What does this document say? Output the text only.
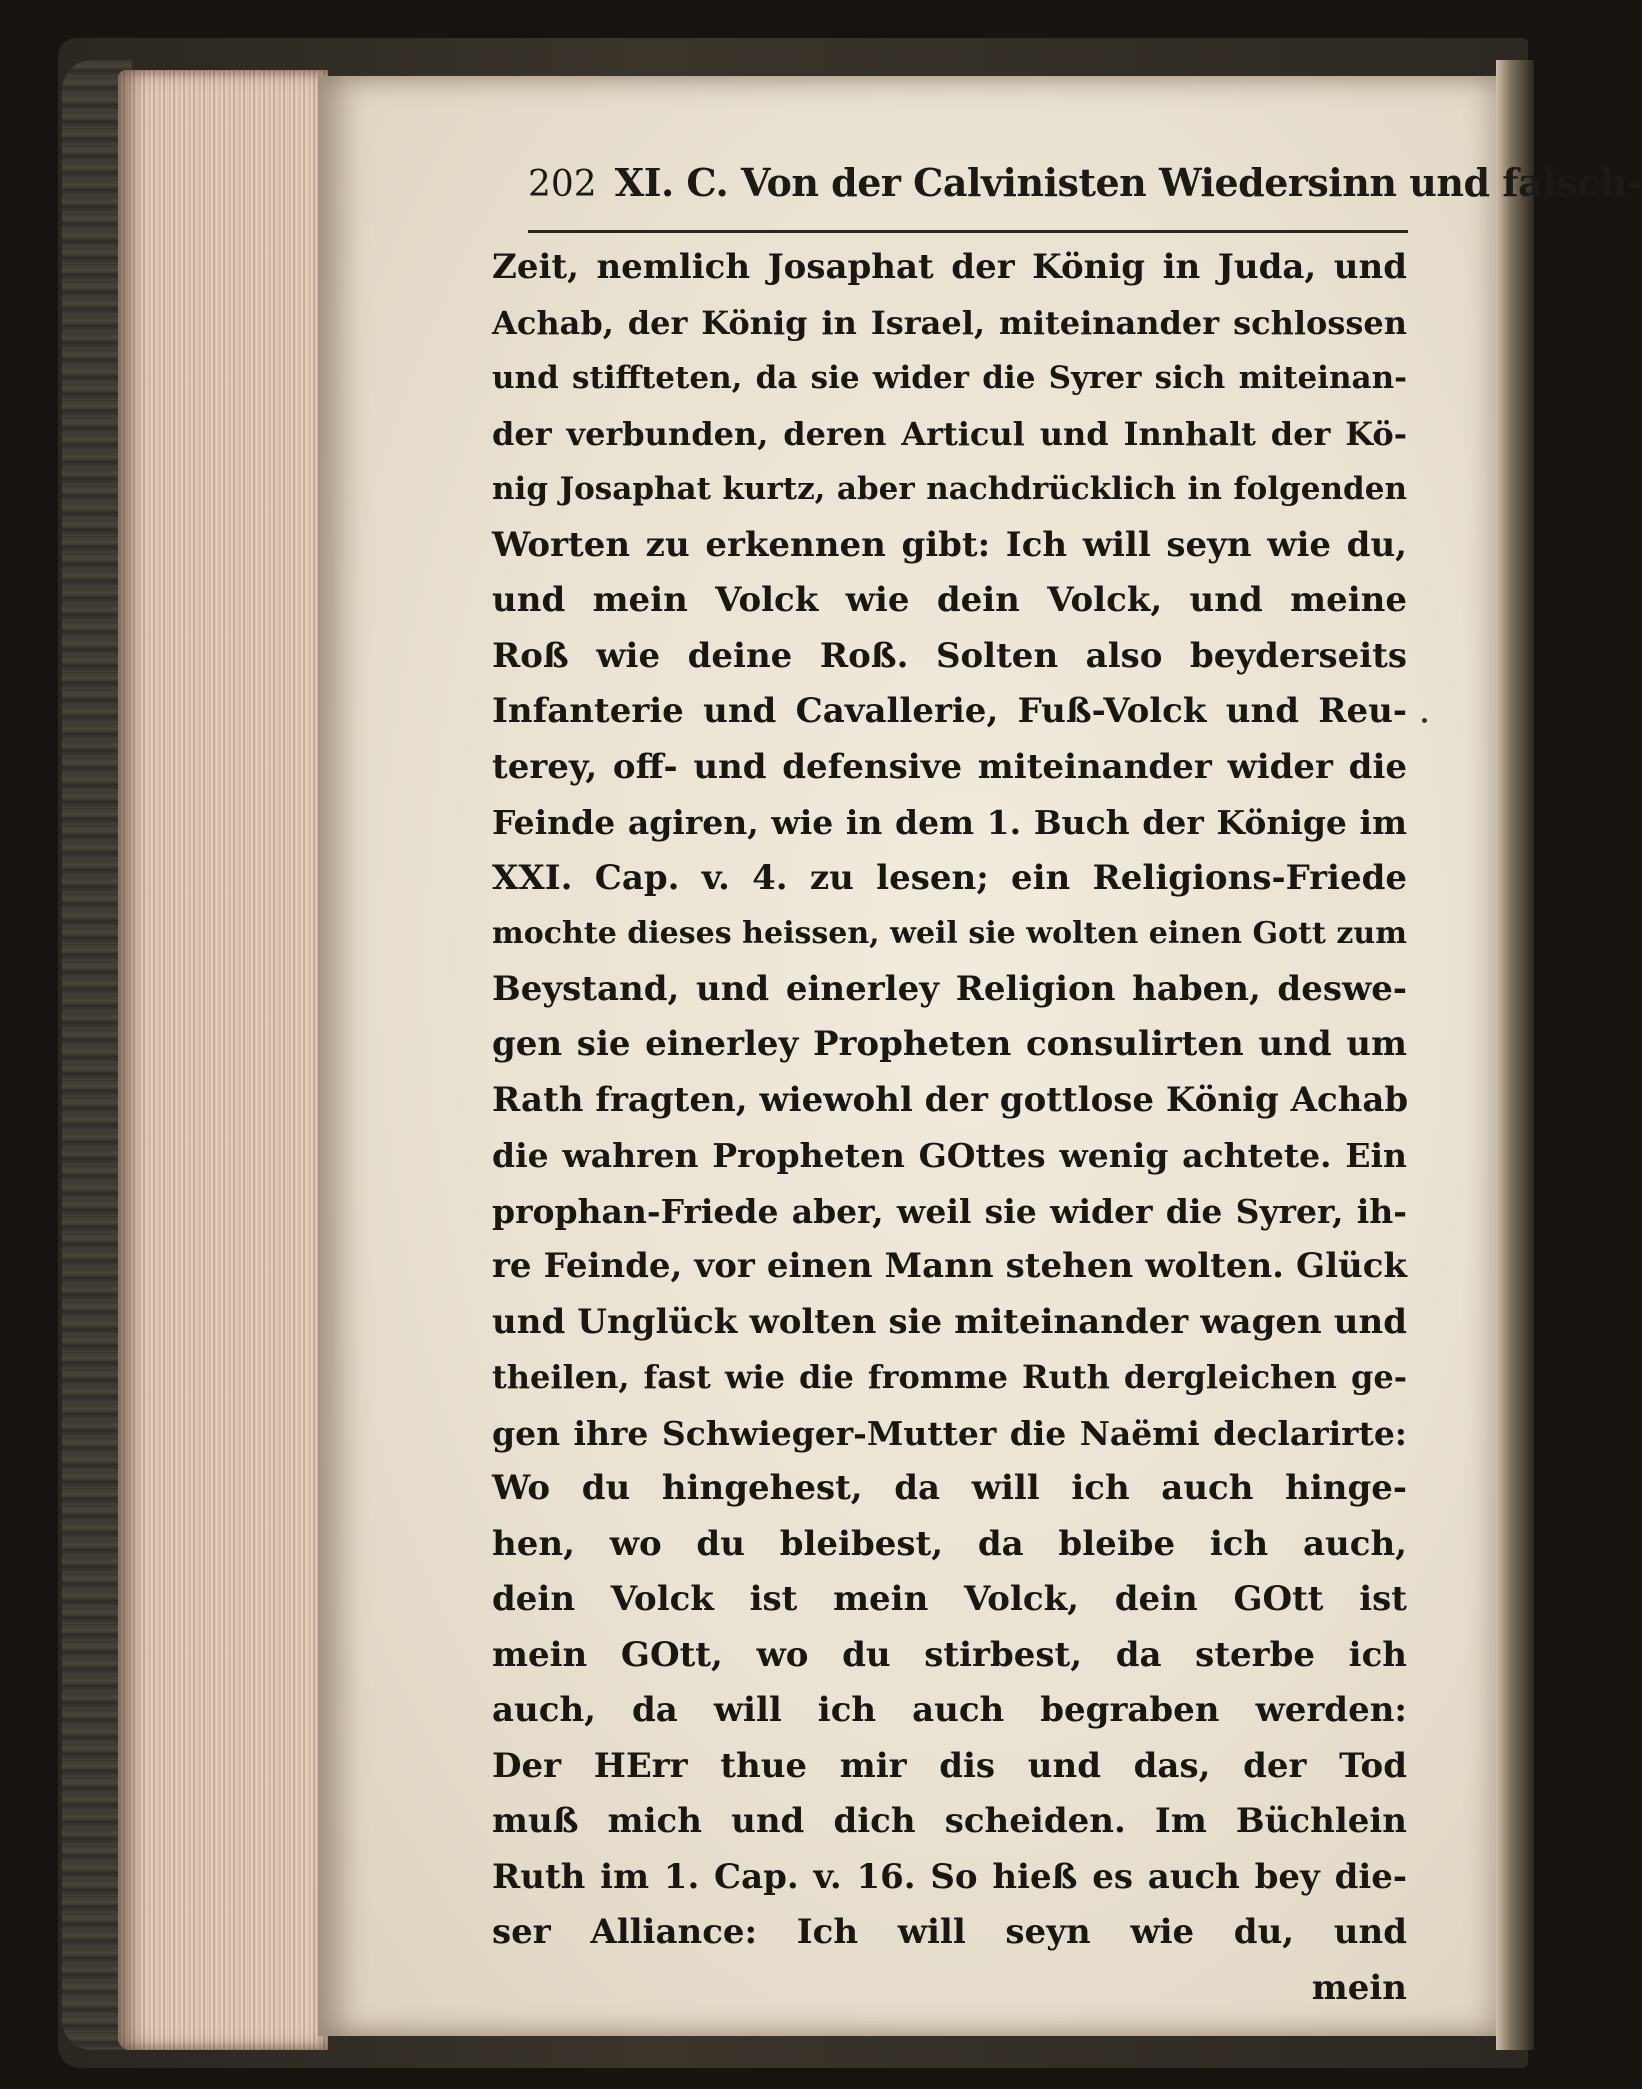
202 XI. C. Von der Calvinisten Wiedersinn und falsch-
Zeit, nemlich Josaphat der König in Juda, und
Achab, der König in Israel, miteinander schlossen
und stiffteten, da sie wider die Syrer sich miteinan-
der verbunden, deren Articul und Innhalt der Kö-
nig Josaphat kurtz, aber nachdrücklich in folgenden
Worten zu erkennen gibt: Ich will seyn wie du,
und mein Volck wie dein Volck, und meine
Roß wie deine Roß. Solten also beyderseits
Infanterie und Cavallerie, Fuß-Volck und Reu-
terey, off- und defensive miteinander wider die
Feinde agiren, wie in dem 1. Buch der Könige im
XXI. Cap. v. 4. zu lesen; ein Religions-Friede
mochte dieses heissen, weil sie wolten einen Gott zum
Beystand, und einerley Religion haben, deswe-
gen sie einerley Propheten consulirten und um
Rath fragten, wiewohl der gottlose König Achab
die wahren Propheten GOttes wenig achtete. Ein
prophan-Friede aber, weil sie wider die Syrer, ih-
re Feinde, vor einen Mann stehen wolten. Glück
und Unglück wolten sie miteinander wagen und
theilen, fast wie die fromme Ruth dergleichen ge-
gen ihre Schwieger-Mutter die Naëmi declarirte:
Wo du hingehest, da will ich auch hinge-
hen, wo du bleibest, da bleibe ich auch,
dein Volck ist mein Volck, dein GOtt ist
mein GOtt, wo du stirbest, da sterbe ich
auch, da will ich auch begraben werden:
Der HErr thue mir dis und das, der Tod
muß mich und dich scheiden. Im Büchlein
Ruth im 1. Cap. v. 16. So hieß es auch bey die-
ser Alliance: Ich will seyn wie du, und
mein
